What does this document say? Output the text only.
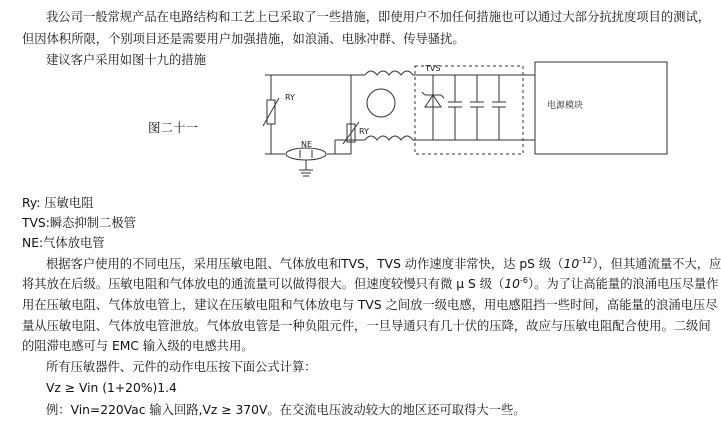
我公司一般常规产品在电路结构和工艺上已采取了一些措施，即使用户不加任何措施也可以通过大部分抗扰度项目的测试，
但因体积所限，个别项目还是需要用户加强措施，如浪涌、电脉冲群、传导骚扰。
建议客户采用如图十九的措施
图二十一
RY
RY
TVS
NE
电源模块
Ry: 压敏电阻
TVS:瞬态抑制二极管
NE:气体放电管
根据客户使用的不同电压，采用压敏电阻、气体放电和TVS，TVS 动作速度非常快，达 pS 级$(10^{-12})$，但其通流量不大，应
将其放在后级。压敏电阻和气体放电的通流量可以做得很大。但速度较慢只有微 μ S 级$(10^{-6})$。为了让高能量的浪涌电压尽量作
用在压敏电阻、气体放电管上，建议在压敏电阻和气体放电与 TVS 之间放一级电感，用电感阻挡一些时间，高能量的浪涌电压尽
量从压敏电阻、气体放电管泄放。气体放电管是一种负阻元件，一旦导通只有几十伏的压降，故应与压敏电阻配合使用。二级间
的阻滞电感可与 EMC 输入级的电感共用。
所有压敏器件、元件的动作电压按下面公式计算：
Vz ≥ Vin (1+20%)1.4
例：Vin=220Vac 输入回路,Vz ≥ 370V。在交流电压波动较大的地区还可取得大一些。
